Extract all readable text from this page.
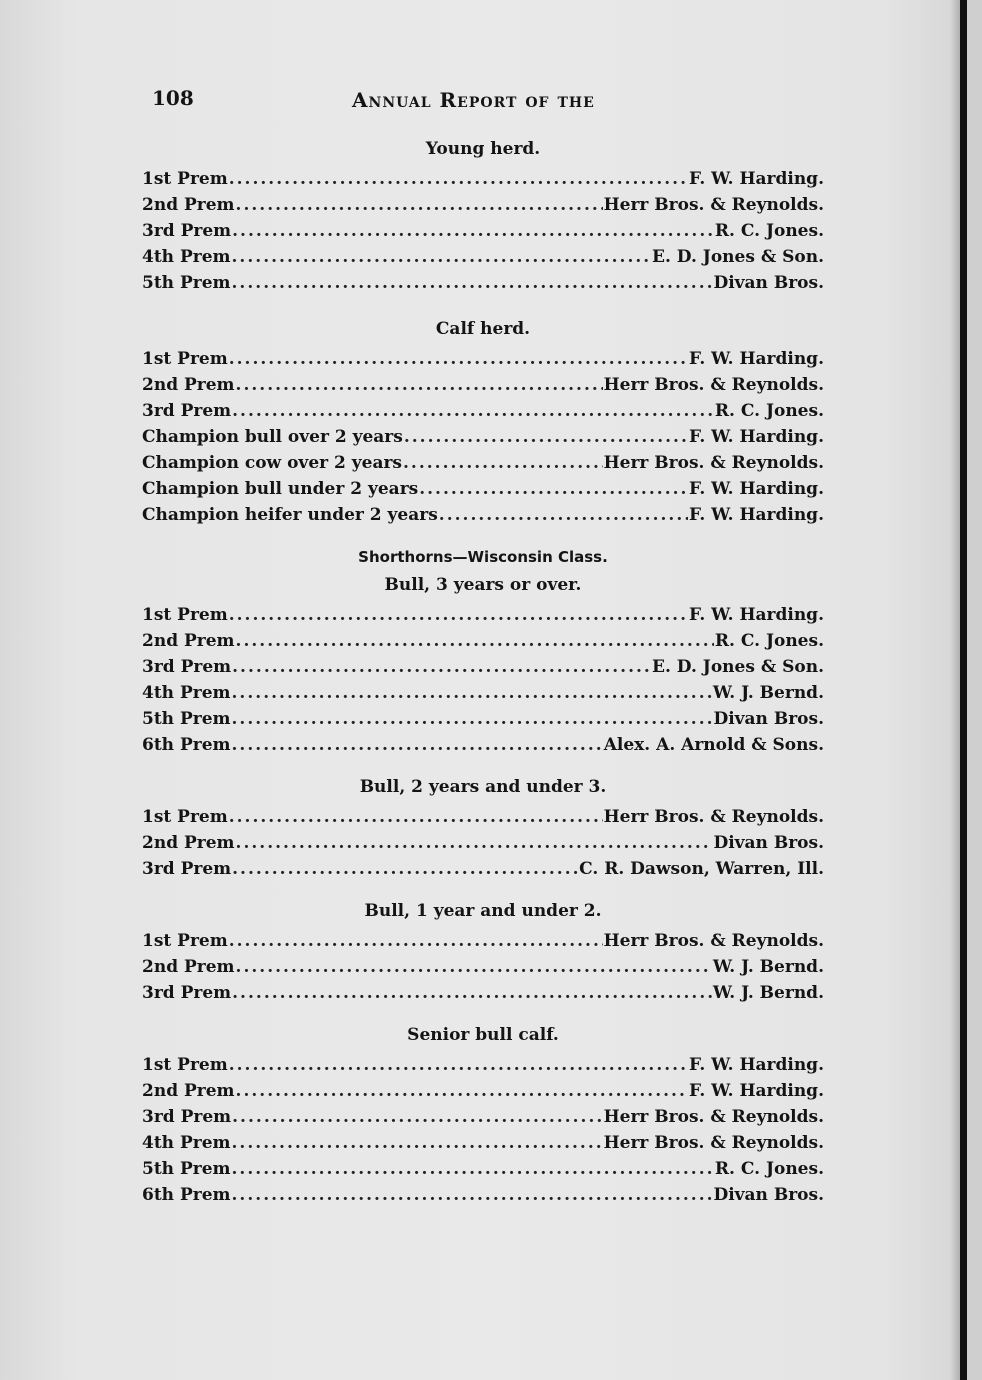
108	Annual Report of the
Young herd.
1st Prem .....	F. W. Harding.
2nd Prem .....	Herr Bros. & Reynolds.
3rd Prem .....	R. C. Jones.
4th Prem .....	E. D. Jones & Son.
5th Prem .....	Divan Bros.
Calf herd.
1st Prem .....	F. W. Harding.
2nd Prem .....	Herr Bros. & Reynolds.
3rd Prem .....	R. C. Jones.
Champion bull over 2 years .....	F. W. Harding.
Champion cow over 2 years .....	Herr Bros. & Reynolds.
Champion bull under 2 years .....	F. W. Harding.
Champion heifer under 2 years .....	F. W. Harding.
Shorthorns—Wisconsin Class.
Bull, 3 years or over.
1st Prem .....	F. W. Harding.
2nd Prem .....	R. C. Jones.
3rd Prem .....	E. D. Jones & Son.
4th Prem .....	W. J. Bernd.
5th Prem .....	Divan Bros.
6th Prem .....	Alex. A. Arnold & Sons.
Bull, 2 years and under 3.
1st Prem .....	Herr Bros. & Reynolds.
2nd Prem .....	Divan Bros.
3rd Prem .....	C. R. Dawson, Warren, Ill.
Bull, 1 year and under 2.
1st Prem .....	Herr Bros. & Reynolds.
2nd Prem .....	W. J. Bernd.
3rd Prem .....	W. J. Bernd.
Senior bull calf.
1st Prem .....	F. W. Harding.
2nd Prem .....	F. W. Harding.
3rd Prem .....	Herr Bros. & Reynolds.
4th Prem .....	Herr Bros. & Reynolds.
5th Prem .....	R. C. Jones.
6th Prem .....	Divan Bros.
